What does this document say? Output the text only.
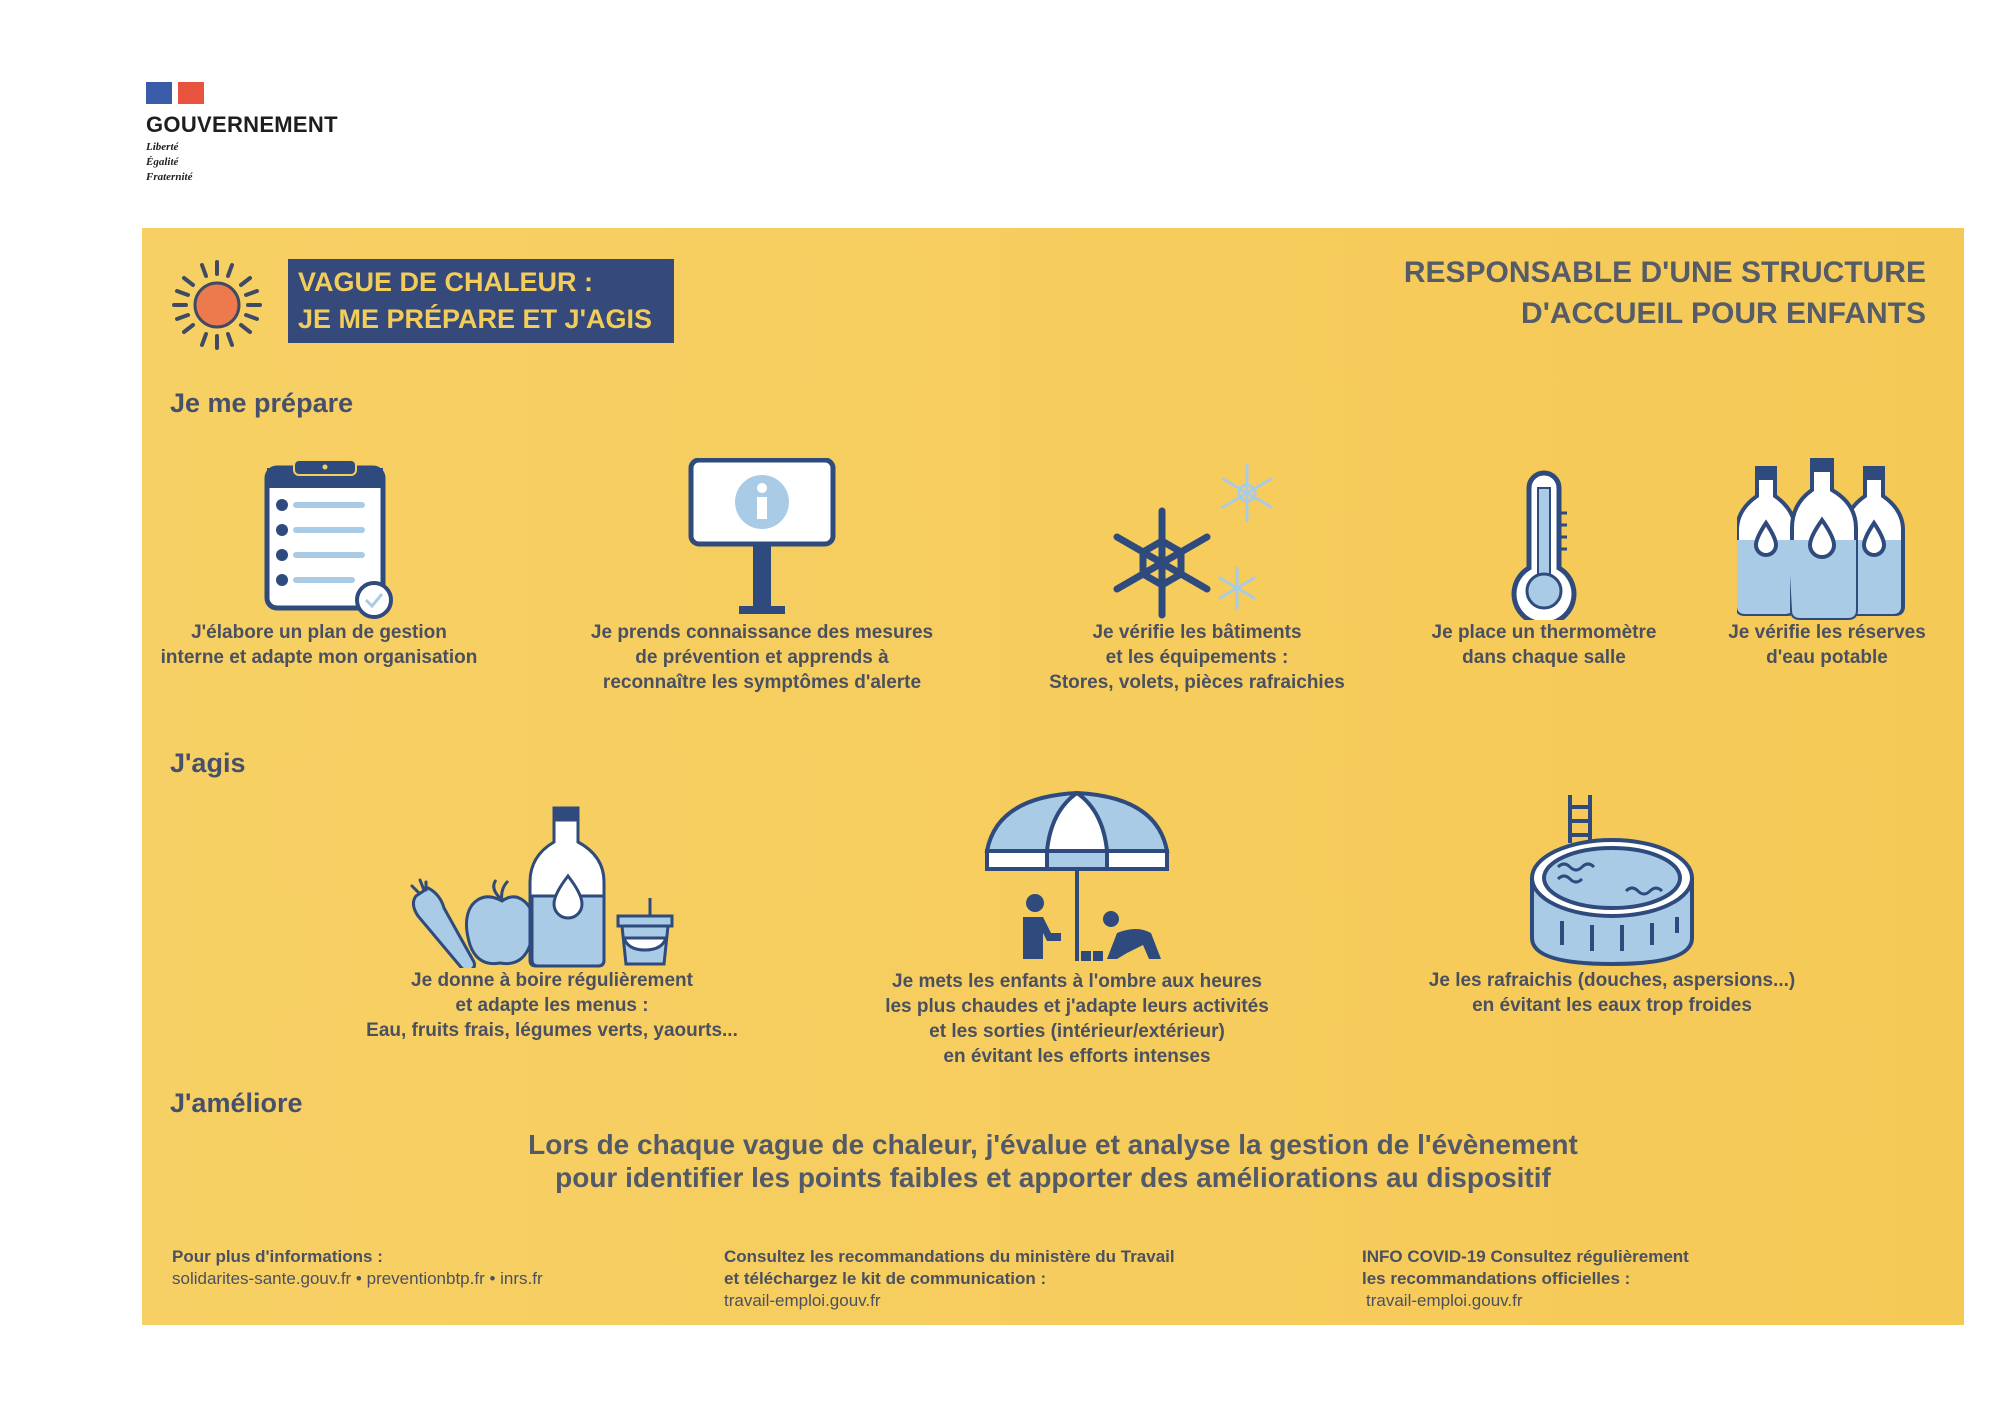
GOUVERNEMENT
Liberté
Égalité
Fraternité
VAGUE DE CHALEUR :
JE ME PRÉPARE ET J'AGIS
RESPONSABLE D'UNE STRUCTURE
D'ACCUEIL POUR ENFANTS
Je me prépare
J'élabore un plan de gestion
interne et adapte mon organisation
Je prends connaissance des mesures
de prévention et apprends à
reconnaître les symptômes d'alerte
Je vérifie les bâtiments
et les équipements :
Stores, volets, pièces rafraichies
Je place un thermomètre
dans chaque salle
Je vérifie les réserves
d'eau potable
J'agis
Je donne à boire régulièrement
et adapte les menus :
Eau, fruits frais, légumes verts, yaourts...
Je mets les enfants à l'ombre aux heures
les plus chaudes et j'adapte leurs activités
et les sorties (intérieur/extérieur)
en évitant les efforts intenses
Je les rafraichis (douches, aspersions...)
en évitant les eaux trop froides
J'améliore
Lors de chaque vague de chaleur, j'évalue et analyse la gestion de l'évènement
pour identifier les points faibles et apporter des améliorations au dispositif
Pour plus d'informations :
solidarites-sante.gouv.fr • preventionbtp.fr • inrs.fr
Consultez les recommandations du ministère du Travail
et téléchargez le kit de communication :
travail-emploi.gouv.fr
INFO COVID-19 Consultez régulièrement
les recommandations officielles :
travail-emploi.gouv.fr
